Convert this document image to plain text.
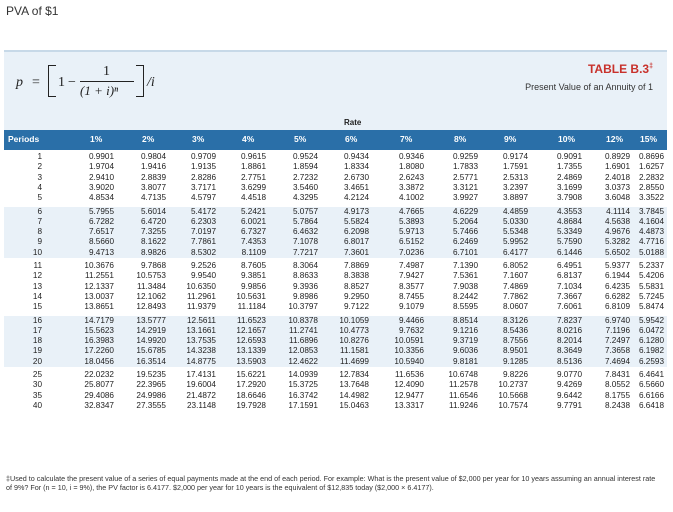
PVA of $1
p = 1 −
1
(1 + i)ⁿ
/i
TABLE B.3‡
Present Value of an Annuity of 1
Rate
Periods	1%	2%	3%	4%	5%	6%	7%	8%	9%	10%	12% 15%
1	0.9901	0.9804	0.9709	0.9615	0.9524	0.9434	0.9346	0.9259	0.9174	0.9091	0.8929	0.8696
2	1.9704	1.9416	1.9135	1.8861	1.8594	1.8334	1.8080	1.7833	1.7591	1.7355	1.6901	1.6257
3	2.9410	2.8839	2.8286	2.7751	2.7232	2.6730	2.6243	2.5771	2.5313	2.4869	2.4018	2.2832
4	3.9020	3.8077	3.7171	3.6299	3.5460	3.4651	3.3872	3.3121	3.2397	3.1699	3.0373	2.8550
5	4.8534	4.7135	4.5797	4.4518	4.3295	4.2124	4.1002	3.9927	3.8897	3.7908	3.6048	3.3522
6	5.7955	5.6014	5.4172	5.2421	5.0757	4.9173	4.7665	4.6229	4.4859	4.3553	4.1114	3.7845
7	6.7282	6.4720	6.2303	6.0021	5.7864	5.5824	5.3893	5.2064	5.0330	4.8684	4.5638	4.1604
8	7.6517	7.3255	7.0197	6.7327	6.4632	6.2098	5.9713	5.7466	5.5348	5.3349	4.9676	4.4873
9	8.5660	8.1622	7.7861	7.4353	7.1078	6.8017	6.5152	6.2469	5.9952	5.7590	5.3282	4.7716
10	9.4713	8.9826	8.5302	8.1109	7.7217	7.3601	7.0236	6.7101	6.4177	6.1446	5.6502	5.0188
11	10.3676	9.7868	9.2526	8.7605	8.3064	7.8869	7.4987	7.1390	6.8052	6.4951	5.9377	5.2337
12	11.2551	10.5753	9.9540	9.3851	8.8633	8.3838	7.9427	7.5361	7.1607	6.8137	6.1944	5.4206
13	12.1337	11.3484	10.6350	9.9856	9.3936	8.8527	8.3577	7.9038	7.4869	7.1034	6.4235	5.5831
14	13.0037	12.1062	11.2961	10.5631	9.8986	9.2950	8.7455	8.2442	7.7862	7.3667	6.6282	5.7245
15	13.8651	12.8493	11.9379	11.1184	10.3797	9.7122	9.1079	8.5595	8.0607	7.6061	6.8109	5.8474
16	14.7179	13.5777	12.5611	11.6523	10.8378	10.1059	9.4466	8.8514	8.3126	7.8237	6.9740	5.9542
17	15.5623	14.2919	13.1661	12.1657	11.2741	10.4773	9.7632	9.1216	8.5436	8.0216	7.1196	6.0472
18	16.3983	14.9920	13.7535	12.6593	11.6896	10.8276	10.0591	9.3719	8.7556	8.2014	7.2497	6.1280
19	17.2260	15.6785	14.3238	13.1339	12.0853	11.1581	10.3356	9.6036	8.9501	8.3649	7.3658	6.1982
20	18.0456	16.3514	14.8775	13.5903	12.4622	11.4699	10.5940	9.8181	9.1285	8.5136	7.4694	6.2593
25	22.0232	19.5235	17.4131	15.6221	14.0939	12.7834	11.6536	10.6748	9.8226	9.0770	7.8431	6.4641
30	25.8077	22.3965	19.6004	17.2920	15.3725	13.7648	12.4090	11.2578	10.2737	9.4269	8.0552	6.5660
35	29.4086	24.9986	21.4872	18.6646	16.3742	14.4982	12.9477	11.6546	10.5668	9.6442	8.1755	6.6166
40	32.8347	27.3555	23.1148	19.7928	17.1591	15.0463	13.3317	11.9246	10.7574	9.7791	8.2438	6.6418
‡Used to calculate the present value of a series of equal payments made at the end of each period. For example: What is the present value of $2,000 per year for 10 years assuming an annual interest rate of 9%? For (n = 10, i = 9%), the PV factor is 6.4177. $2,000 per year for 10 years is the equivalent of $12,835 today ($2,000 × 6.4177).
